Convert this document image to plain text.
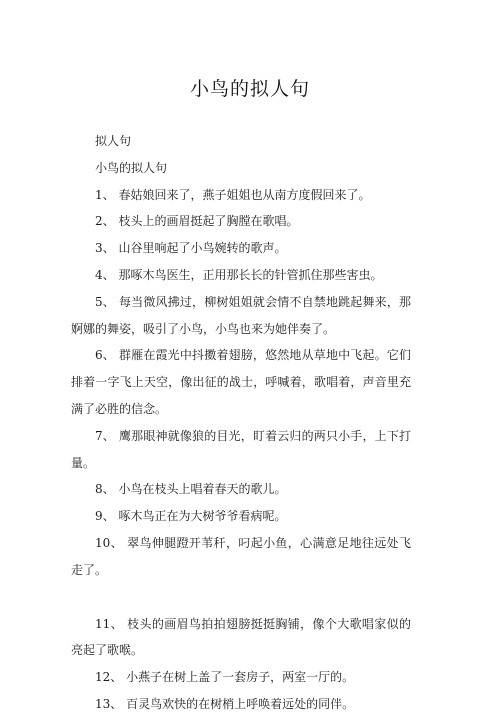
小鸟的拟人句

拟人句

小鸟的拟人句

1、 春姑娘回来了，燕子姐姐也从南方度假回来了。

2、 枝头上的画眉挺起了胸膛在歌唱。

3、 山谷里响起了小鸟婉转的歌声。

4、 那啄木鸟医生，正用那长长的针管抓住那些害虫。

5、 每当微风拂过，柳树姐姐就会情不自禁地跳起舞来，那婀娜的舞姿，吸引了小鸟，小鸟也来为她伴奏了。

6、 群雁在霞光中抖擞着翅膀，悠然地从草地中飞起。它们排着一字飞上天空，像出征的战士，呼喊着，歌唱着，声音里充满了必胜的信念。

7、 鹰那眼神就像狼的目光，盯着云归的两只小手，上下打量。

8、 小鸟在枝头上唱着春天的歌儿。

9、 啄木鸟正在为大树爷爷看病呢。

10、 翠鸟伸腿蹬开苇秆，叼起小鱼，心满意足地往远处飞走了。

11、 枝头的画眉鸟拍拍翅膀挺挺胸铺，像个大歌唱家似的亮起了歌喉。

12、 小燕子在树上盖了一套房子，两室一厅的。

13、 百灵鸟欢快的在树梢上呼唤着远处的同伴。
